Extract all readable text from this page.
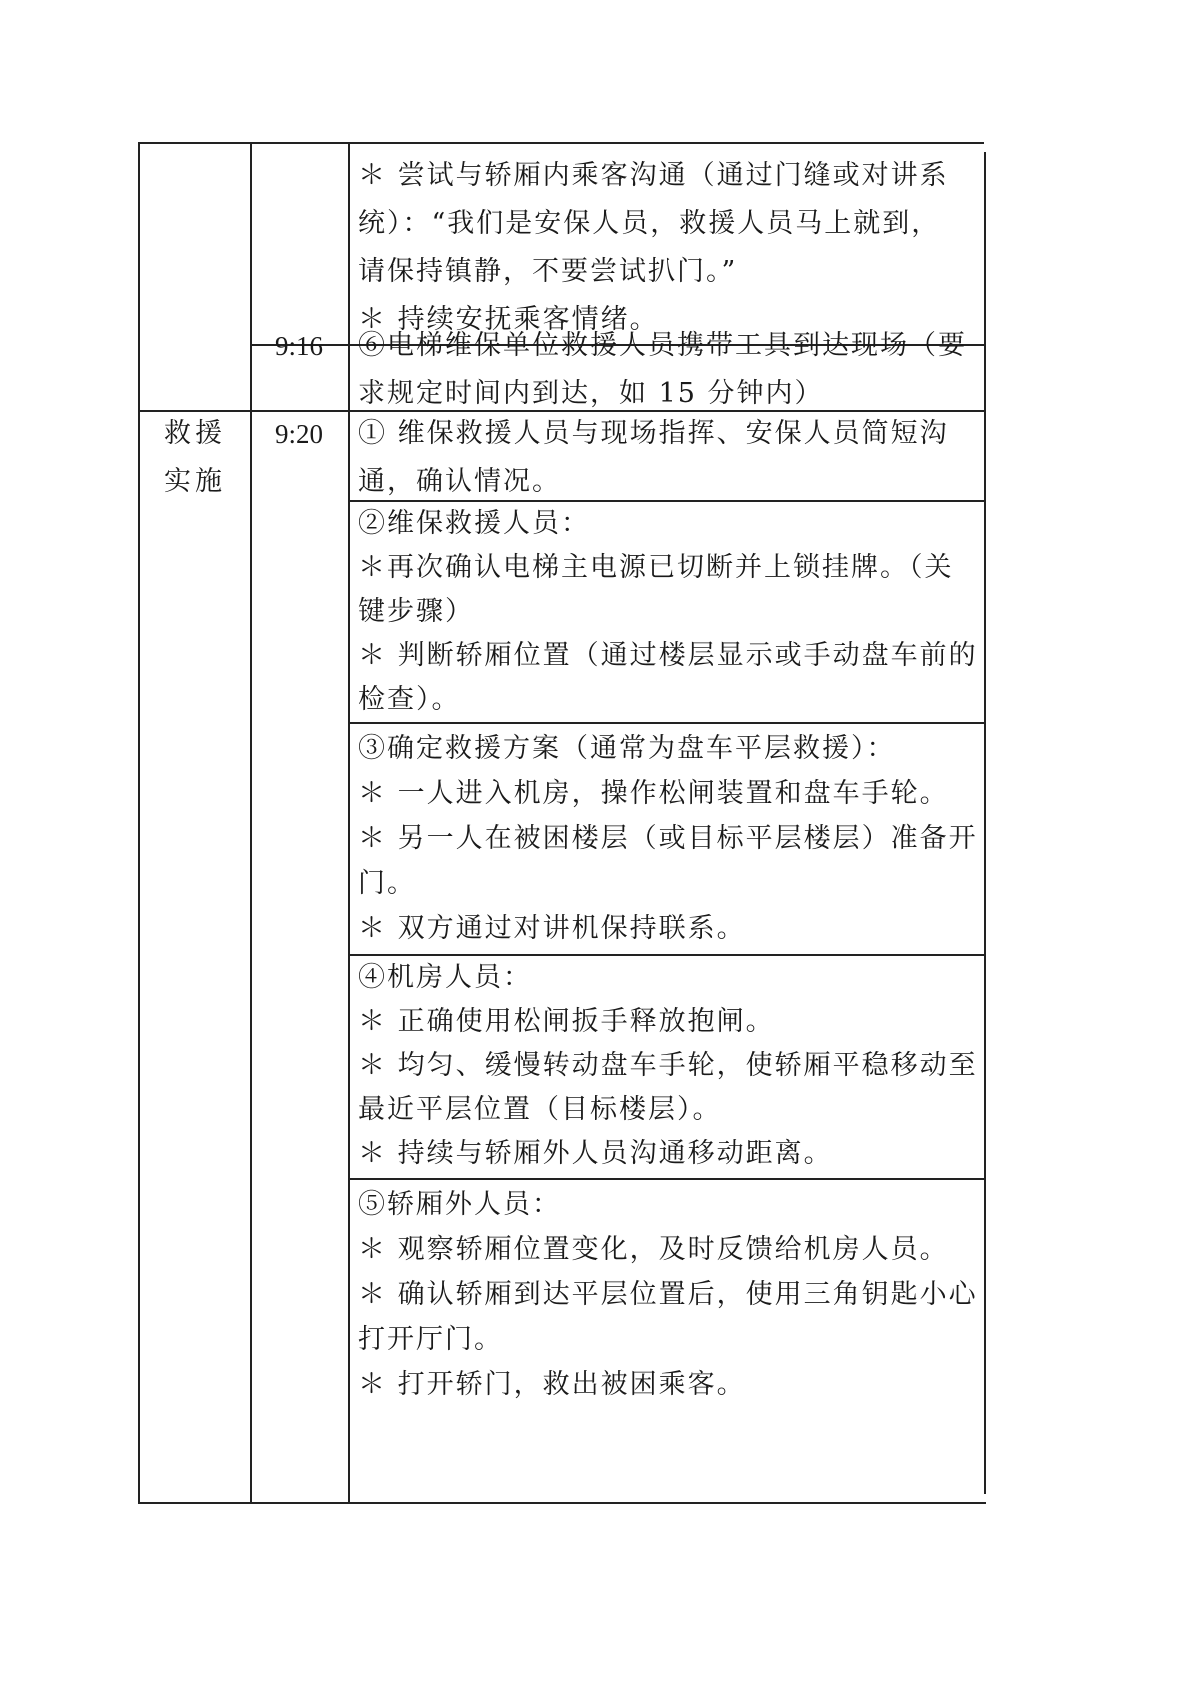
＊ 尝试与轿厢内乘客沟通（通过门缝或对讲系
统）：“我们是安保人员，救援人员马上就到，
请保持镇静，不要尝试扒门。”
＊ 持续安抚乘客情绪。
9:16	⑥电梯维保单位救援人员携带工具到达现场（要
求规定时间内到达，如 15 分钟内）
救援
实施
9:20	① 维保救援人员与现场指挥、安保人员简短沟
通，确认情况。
②维保救援人员：
＊再次确认电梯主电源已切断并上锁挂牌。（关
键步骤）
＊ 判断轿厢位置（通过楼层显示或手动盘车前的
检查）。
③确定救援方案（通常为盘车平层救援）：
＊ 一人进入机房，操作松闸装置和盘车手轮。
＊ 另一人在被困楼层（或目标平层楼层）准备开
门。
＊ 双方通过对讲机保持联系。
④机房人员：
＊ 正确使用松闸扳手释放抱闸。
＊ 均匀、缓慢转动盘车手轮，使轿厢平稳移动至
最近平层位置（目标楼层）。
＊ 持续与轿厢外人员沟通移动距离。
⑤轿厢外人员：
＊ 观察轿厢位置变化，及时反馈给机房人员。
＊ 确认轿厢到达平层位置后，使用三角钥匙小心
打开厅门。
＊ 打开轿门，救出被困乘客。
